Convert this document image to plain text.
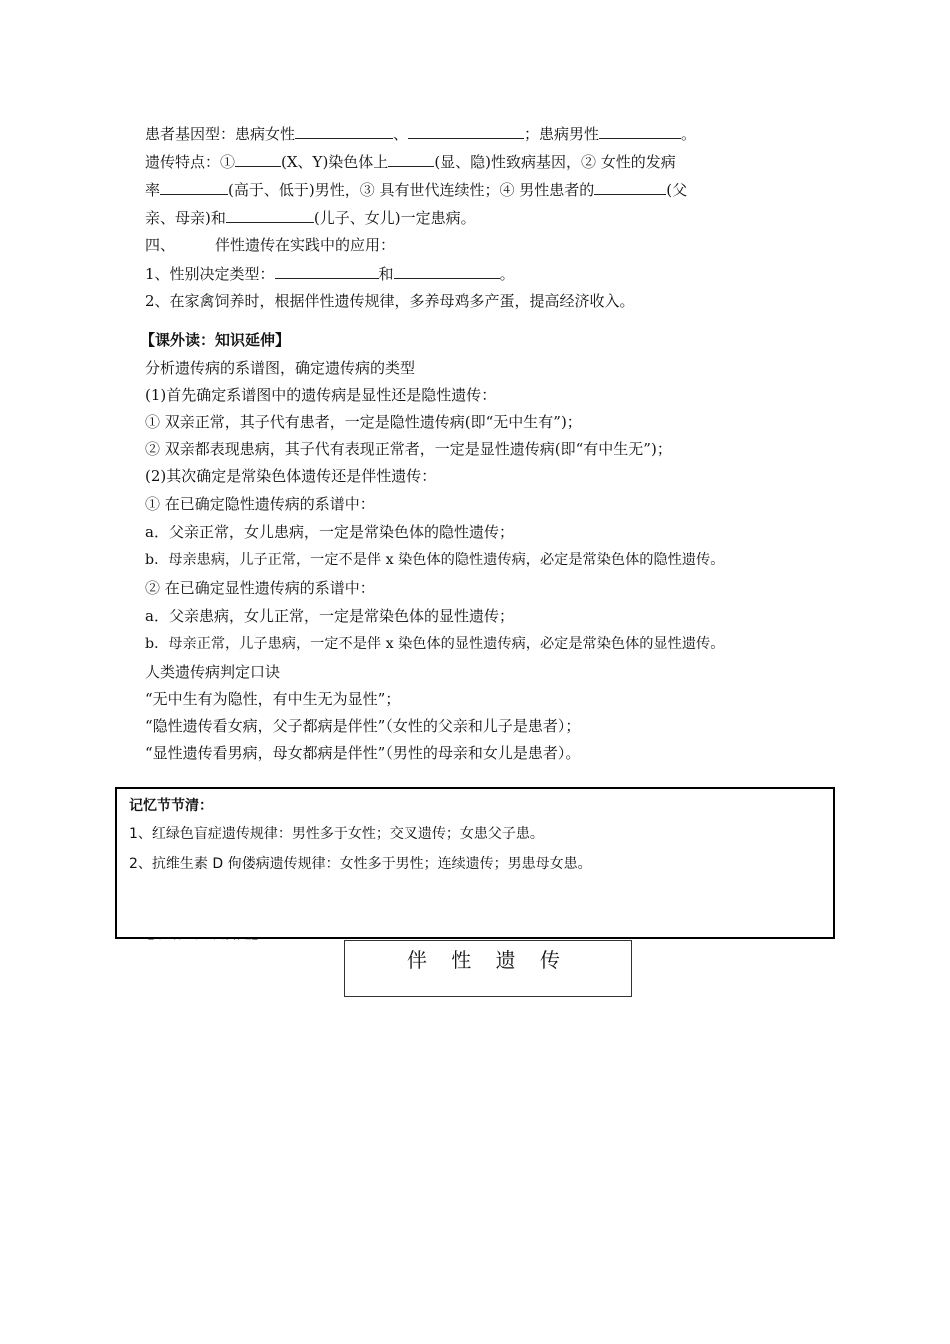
患者基因型：患病女性	、	；患病男性	。
遗传特点：①	(X、Y)染色体上	(显、隐)性致病基因，② 女性的发病
率	(高于、低于)男性，③ 具有世代连续性；④ 男性患者的	(父
亲、母亲)和	(儿子、女儿)一定患病。
四、	伴性遗传在实践中的应用：
1、性别决定类型：	和	。
2、在家禽饲养时，根据伴性遗传规律，多养母鸡多产蛋，提高经济收入。
【课外读：知识延伸】
分析遗传病的系谱图，确定遗传病的类型
(1)首先确定系谱图中的遗传病是显性还是隐性遗传：
① 双亲正常，其子代有患者，一定是隐性遗传病(即“无中生有”)；
② 双亲都表现患病，其子代有表现正常者，一定是显性遗传病(即“有中生无”)；
(2)其次确定是常染色体遗传还是伴性遗传：
① 在已确定隐性遗传病的系谱中：
a．父亲正常，女儿患病，一定是常染色体的隐性遗传；
b．母亲患病，儿子正常，一定不是伴 x 染色体的隐性遗传病，必定是常染色体的隐性遗传。
② 在已确定显性遗传病的系谱中：
a．父亲患病，女儿正常，一定是常染色体的显性遗传；
b．母亲正常，儿子患病，一定不是伴 x 染色体的显性遗传病，必定是常染色体的显性遗传。
人类遗传病判定口诀
“无中生有为隐性，有中生无为显性”；
“隐性遗传看女病，父子都病是伴性”（女性的父亲和儿子是患者）；
“显性遗传看男病，母女都病是伴性”（男性的母亲和女儿是患者）。
记忆节节清：
1、红绿色盲症遗传规律：男性多于女性；交叉遗传；女患父子患。
2、抗维生素 D 佝偻病遗传规律：女性多于男性；连续遗传；男患母女患。
伴 性 遗 传
